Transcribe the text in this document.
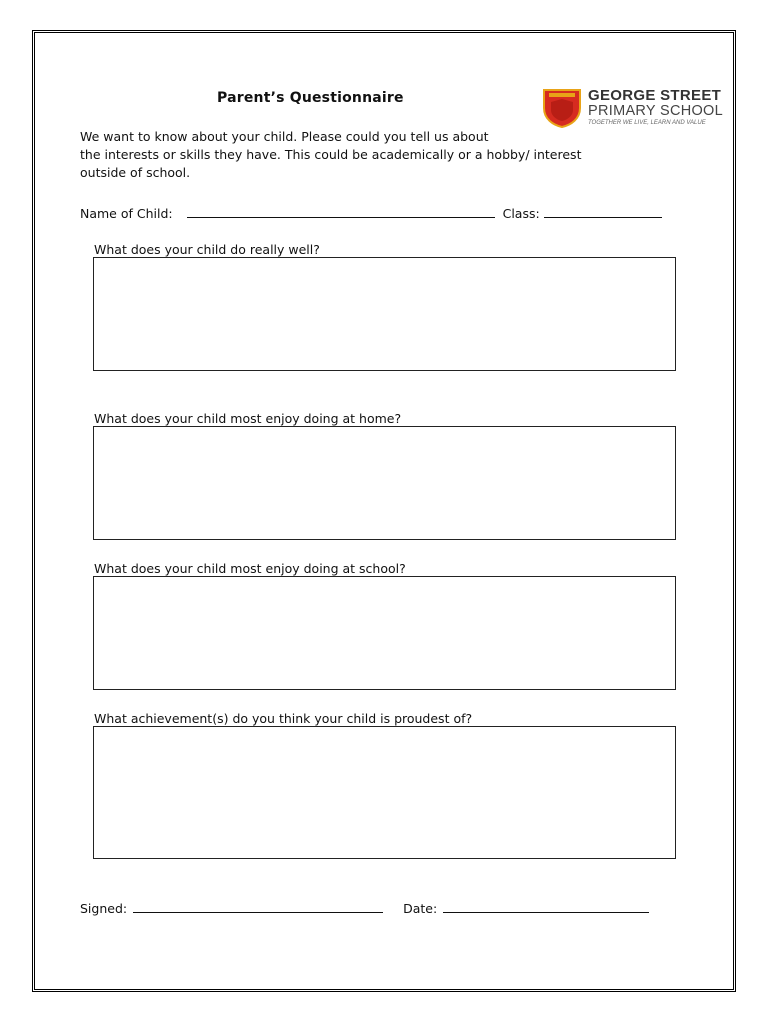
Parent’s Questionnaire	GEORGE STREET
PRIMARY SCHOOL
TOGETHER WE LIVE, LEARN AND VALUE
We want to know about your child. Please could you tell us about
the interests or skills they have. This could be academically or a hobby/ interest
outside of school.
Name of Child:	Class:
What does your child do really well?
What does your child most enjoy doing at home?
What does your child most enjoy doing at school?
What achievement(s) do you think your child is proudest of?
Signed:	Date:
